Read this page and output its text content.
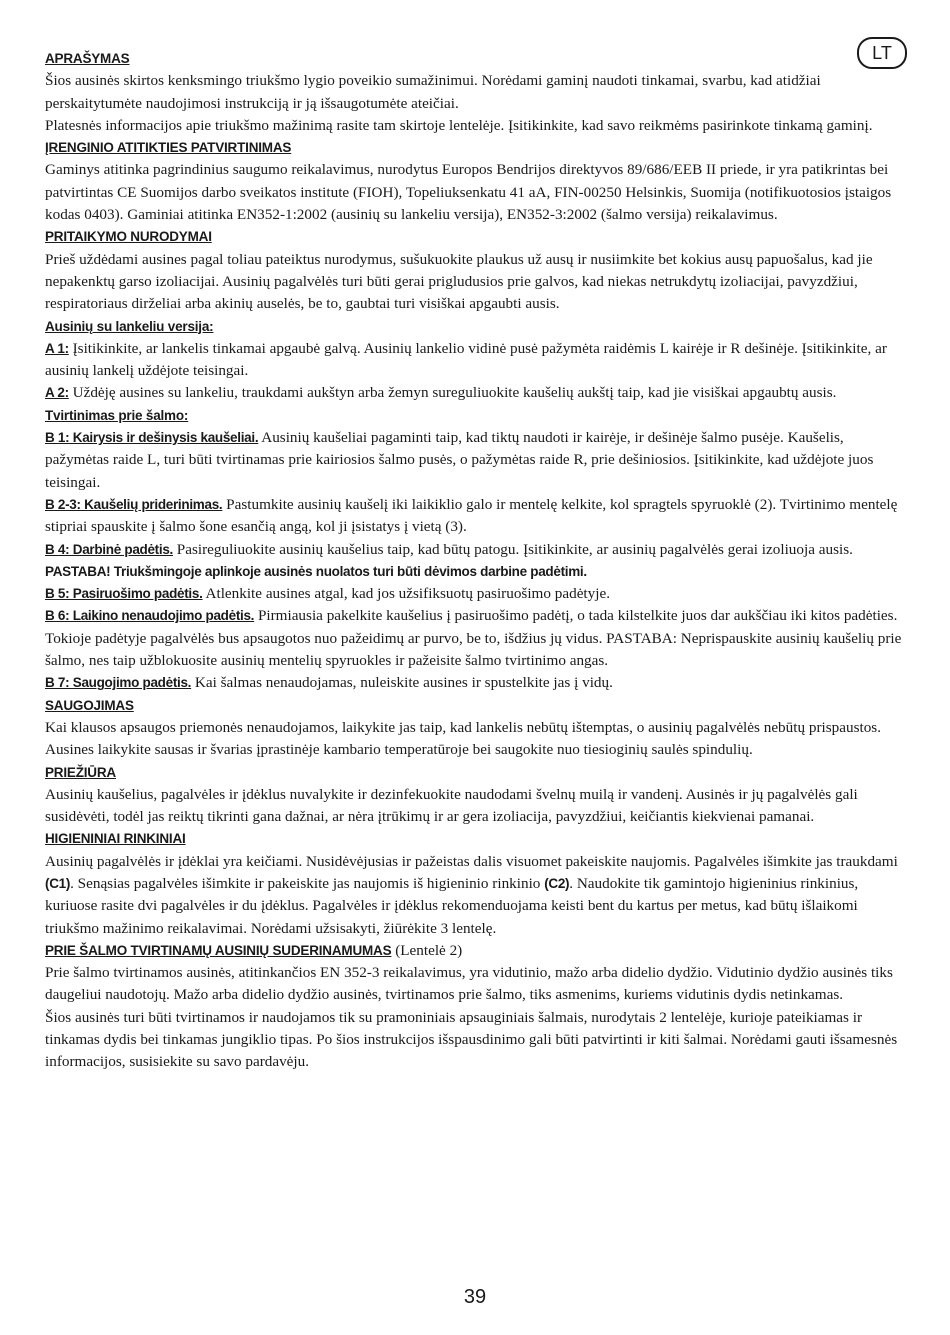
LT

APRAŠYMAS

Šios ausinės skirtos kenksmingo triukšmo lygio poveikio sumažinimui. Norėdami gaminį naudoti tinkamai, svarbu, kad atidžiai perskaitytumėte naudojimosi instrukciją ir ją išsaugotumėte ateičiai.

Platesnės informacijos apie triukšmo mažinimą rasite tam skirtoje lentelėje. Įsitikinkite, kad savo reikmėms pasirinkote tinkamą gaminį.

ĮRENGINIO ATITIKTIES PATVIRTINIMAS

Gaminys atitinka pagrindinius saugumo reikalavimus, nurodytus Europos Bendrijos direktyvos 89/686/EEB II priede, ir yra patikrintas bei patvirtintas CE Suomijos darbo sveikatos institute (FIOH), Topeliuksenkatu 41 aA, FIN-00250 Helsinkis, Suomija (notifikuotosios įstaigos kodas 0403). Gaminiai atitinka EN352-1:2002 (ausinių su lankeliu versija), EN352-3:2002 (šalmo versija) reikalavimus.

PRITAIKYMO NURODYMAI

Prieš uždėdami ausines pagal toliau pateiktus nurodymus, sušukuokite plaukus už ausų ir nusiimkite bet kokius ausų papuošalus, kad jie nepakenktų garso izoliacijai. Ausinių pagalvėlės turi būti gerai prigludusios prie galvos, kad niekas netrukdytų izoliacijai, pavyzdžiui, respiratoriaus dirželiai arba akinių auselės, be to, gaubtai turi visiškai apgaubti ausis.

Ausinių su lankeliu versija:

A 1: Įsitikinkite, ar lankelis tinkamai apgaubė galvą. Ausinių lankelio vidinė pusė pažymėta raidėmis L kairėje ir R dešinėje. Įsitikinkite, ar ausinių lankelį uždėjote teisingai.

A 2: Uždėję ausines su lankeliu, traukdami aukštyn arba žemyn sureguliuokite kaušelių aukštį taip, kad jie visiškai apgaubtų ausis.

Tvirtinimas prie šalmo:

B 1: Kairysis ir dešinysis kaušeliai. Ausinių kaušeliai pagaminti taip, kad tiktų naudoti ir kairėje, ir dešinėje šalmo pusėje. Kaušelis, pažymėtas raide L, turi būti tvirtinamas prie kairiosios šalmo pusės, o pažymėtas raide R, prie dešiniosios. Įsitikinkite, kad uždėjote juos teisingai.

B 2-3: Kaušelių priderinimas. Pastumkite ausinių kaušelį iki laikiklio galo ir mentelę kelkite, kol spragtels spyruoklė (2). Tvirtinimo mentelę stipriai spauskite į šalmo šone esančią angą, kol ji įsistatys į vietą (3).

B 4: Darbinė padėtis. Pasireguliuokite ausinių kaušelius taip, kad būtų patogu. Įsitikinkite, ar ausinių pagalvėlės gerai izoliuoja ausis. PASTABA! Triukšmingoje aplinkoje ausinės nuolatos turi būti dėvimos darbine padėtimi.

B 5: Pasiruošimo padėtis. Atlenkite ausines atgal, kad jos užsifiksuotų pasiruošimo padėtyje.

B 6: Laikino nenaudojimo padėtis. Pirmiausia pakelkite kaušelius į pasiruošimo padėtį, o tada kilstelkite juos dar aukščiau iki kitos padėties. Tokioje padėtyje pagalvėlės bus apsaugotos nuo pažeidimų ar purvo, be to, išdžius jų vidus. PASTABA: Neprispauskite ausinių kaušelių prie šalmo, nes taip užblokuosite ausinių mentelių spyruokles ir pažeisite šalmo tvirtinimo angas.

B 7: Saugojimo padėtis. Kai šalmas nenaudojamas, nuleiskite ausines ir spustelkite jas į vidų.

SAUGOJIMAS

Kai klausos apsaugos priemonės nenaudojamos, laikykite jas taip, kad lankelis nebūtų ištemptas, o ausinių pagalvėlės nebūtų prispaustos. Ausines laikykite sausas ir švarias įprastinėje kambario temperatūroje bei saugokite nuo tiesioginių saulės spindulių.

PRIEŽIŪRA

Ausinių kaušelius, pagalvėles ir įdėklus nuvalykite ir dezinfekuokite naudodami švelnų muilą ir vandenį. Ausinės ir jų pagalvėlės gali susidėvėti, todėl jas reiktų tikrinti gana dažnai, ar nėra įtrūkimų ir ar gera izoliacija, pavyzdžiui, keičiantis kiekvienai pamanai.

HIGIENINIAI RINKINIAI

Ausinių pagalvėlės ir įdėklai yra keičiami. Nusidėvėjusias ir pažeistas dalis visuomet pakeiskite naujomis. Pagalvėles išimkite jas traukdami (C1). Senąsias pagalvėles išimkite ir pakeiskite jas naujomis iš higieninio rinkinio (C2). Naudokite tik gamintojo higieninius rinkinius, kuriuose rasite dvi pagalvėles ir du įdėklus. Pagalvėles ir įdėklus rekomenduojama keisti bent du kartus per metus, kad būtų išlaikomi triukšmo mažinimo reikalavimai. Norėdami užsisakyti, žiūrėkite 3 lentelę.

PRIE ŠALMO TVIRTINAMŲ AUSINIŲ SUDERINAMUMAS (Lentelė 2)

Prie šalmo tvirtinamos ausinės, atitinkančios EN 352-3 reikalavimus, yra vidutinio, mažo arba didelio dydžio. Vidutinio dydžio ausinės tiks daugeliui naudotojų. Mažo arba didelio dydžio ausinės, tvirtinamos prie šalmo, tiks asmenims, kuriems vidutinis dydis netinkamas.

Šios ausinės turi būti tvirtinamos ir naudojamos tik su pramoniniais apsauginiais šalmais, nurodytais 2 lentelėje, kurioje pateikiamas ir tinkamas dydis bei tinkamas jungiklio tipas. Po šios instrukcijos išspausdinimo gali būti patvirtinti ir kiti šalmai. Norėdami gauti išsamesnės informacijos, susisiekite su savo pardavėju.

39
